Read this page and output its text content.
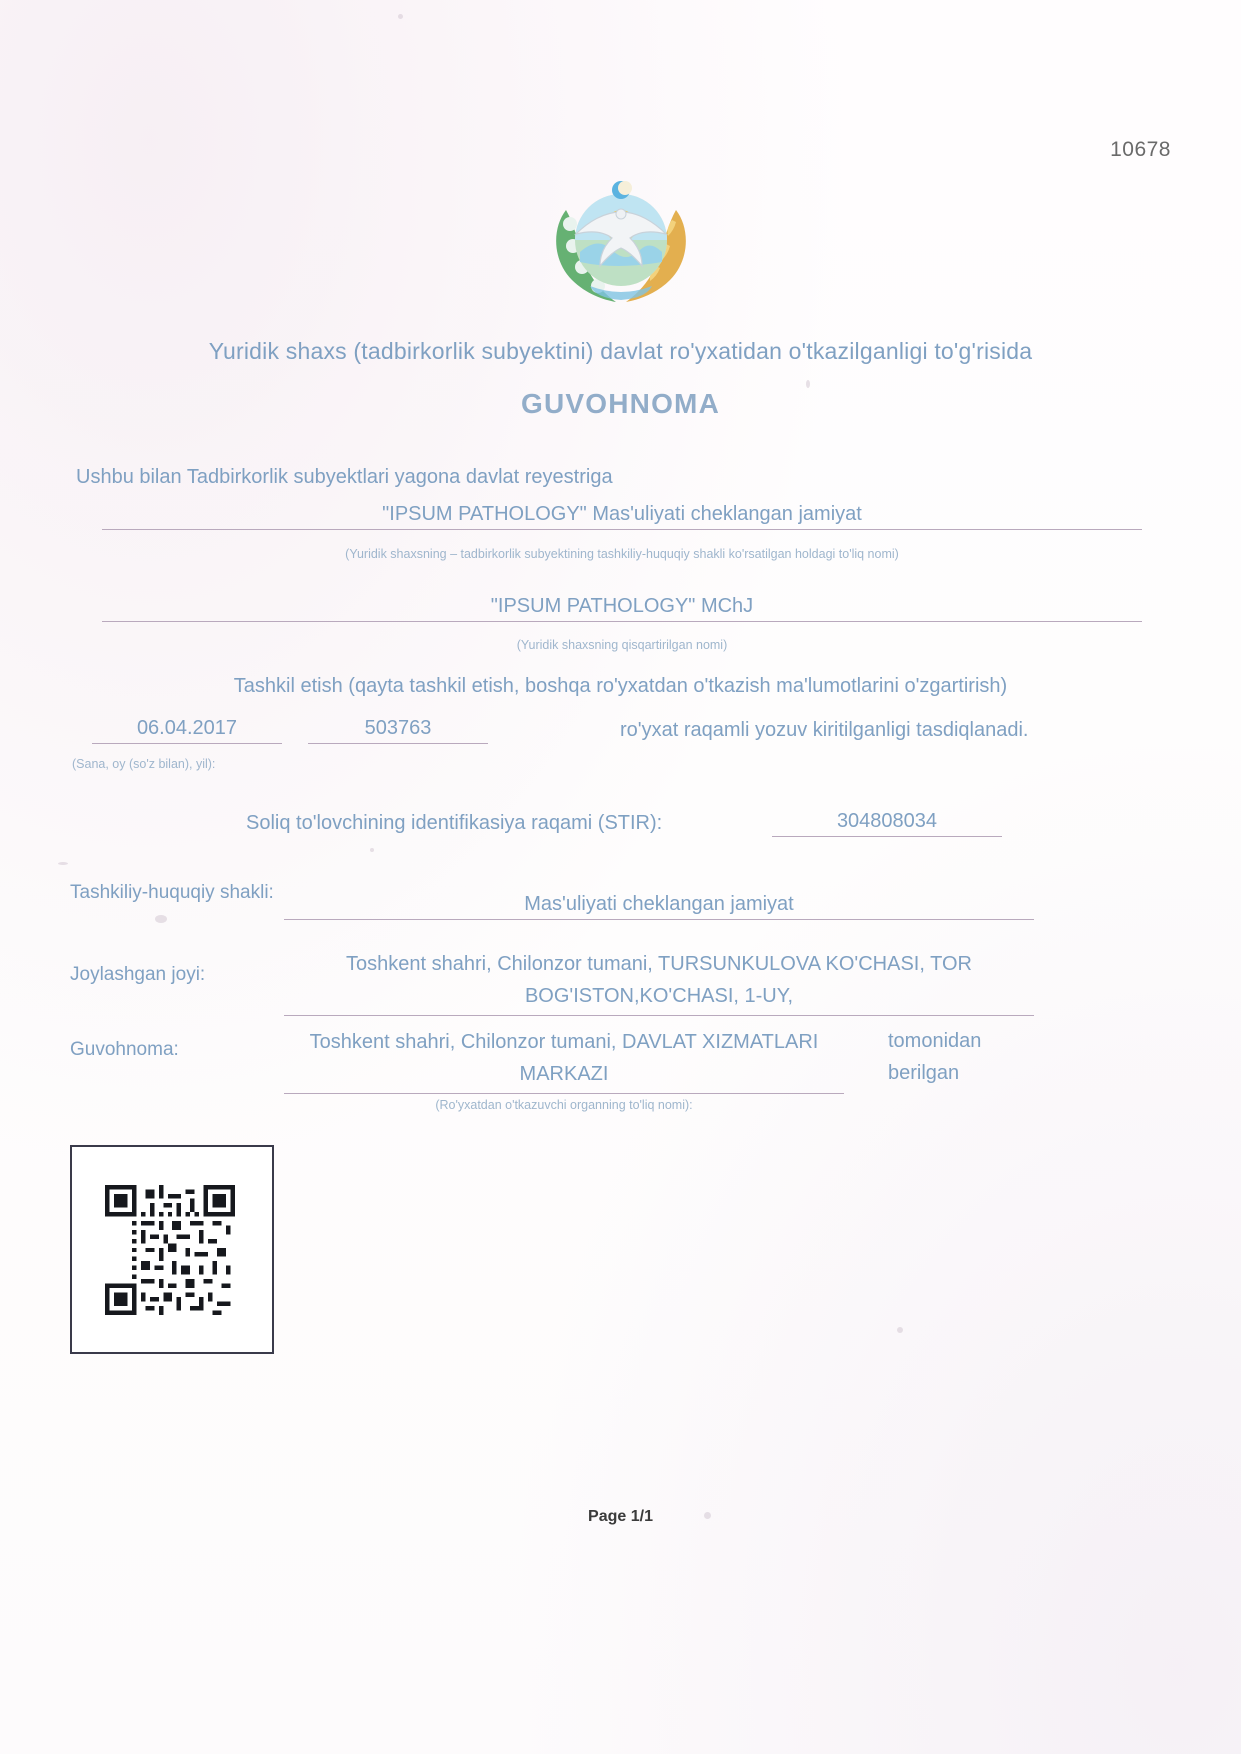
10678
Yuridik shaxs (tadbirkorlik subyektini) davlat ro'yxatidan o'tkazilganligi to'g'risida
GUVOHNOMA
Ushbu bilan Tadbirkorlik subyektlari yagona davlat reyestriga
"IPSUM PATHOLOGY" Mas'uliyati cheklangan jamiyat
(Yuridik shaxsning – tadbirkorlik subyektining tashkiliy-huquqiy shakli ko'rsatilgan holdagi to'liq nomi)
"IPSUM PATHOLOGY" MChJ
(Yuridik shaxsning qisqartirilgan nomi)
Tashkil etish (qayta tashkil etish, boshqa ro'yxatdan o'tkazish ma'lumotlarini o'zgartirish)
06.04.2017
(Sana, oy (so'z bilan), yil):
503763	ro'yxat raqamli yozuv kiritilganligi tasdiqlanadi.
Soliq to'lovchining identifikasiya raqami (STIR):	304808034
Tashkiliy-huquqiy shakli:
Mas'uliyati cheklangan jamiyat
Joylashgan joyi:	Toshkent shahri, Chilonzor tumani, TURSUNKULOVA KO'CHASI, TOR BOG'ISTON,KO'CHASI, 1-UY,
Guvohnoma:	Toshkent shahri, Chilonzor tumani, DAVLAT XIZMATLARI MARKAZI
tomonidan
berilgan
(Ro'yxatdan o'tkazuvchi organning to'liq nomi):
Page 1/1
